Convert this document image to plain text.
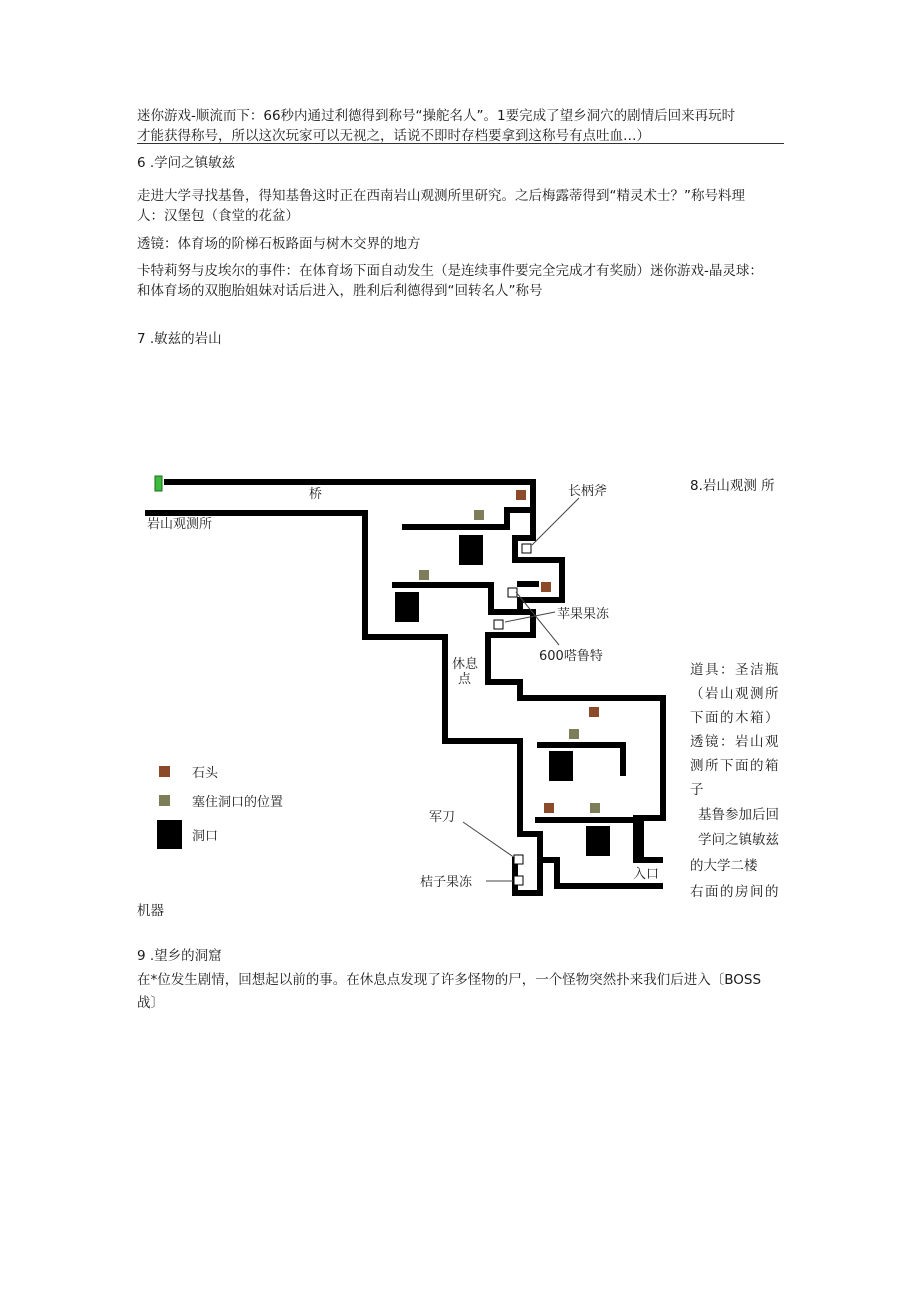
迷你游戏-顺流而下：66秒内通过利德得到称号“操舵名人”。1要完成了望乡洞穴的剧情后回来再玩时
才能获得称号，所以这次玩家可以无视之，话说不即时存档要拿到这称号有点吐血…）
6 .学问之镇敏兹
走进大学寻找基鲁，得知基鲁这时正在西南岩山观测所里研究。之后梅露蒂得到“精灵术士？”称号料理
人：汉堡包（食堂的花盆）
透镜：体育场的阶梯石板路面与树木交界的地方
卡特莉努与皮埃尔的事件：在体育场下面自动发生（是连续事件要完全完成才有奖励）迷你游戏-晶灵球：
和体育场的双胞胎姐妹对话后进入，胜利后利德得到“回转名人”称号
7 .敏兹的岩山
8.岩山观测 所
道具：圣洁瓶
（岩山观测所
下面的木箱）
透镜：岩山观
测所下面的箱
子
基鲁参加后回
学问之镇敏兹
的大学二楼
右面的房间的
机器
9 .望乡的洞窟
在*位发生剧情，回想起以前的事。在休息点发现了许多怪物的尸，一个怪物突然扑来我们后进入〔BOSS
战〕
桥
岩山观测所
长柄斧
苹果果冻
600嗒鲁特
休息
点
军刀
桔子果冻
入口
石头
塞住洞口的位置
洞口
